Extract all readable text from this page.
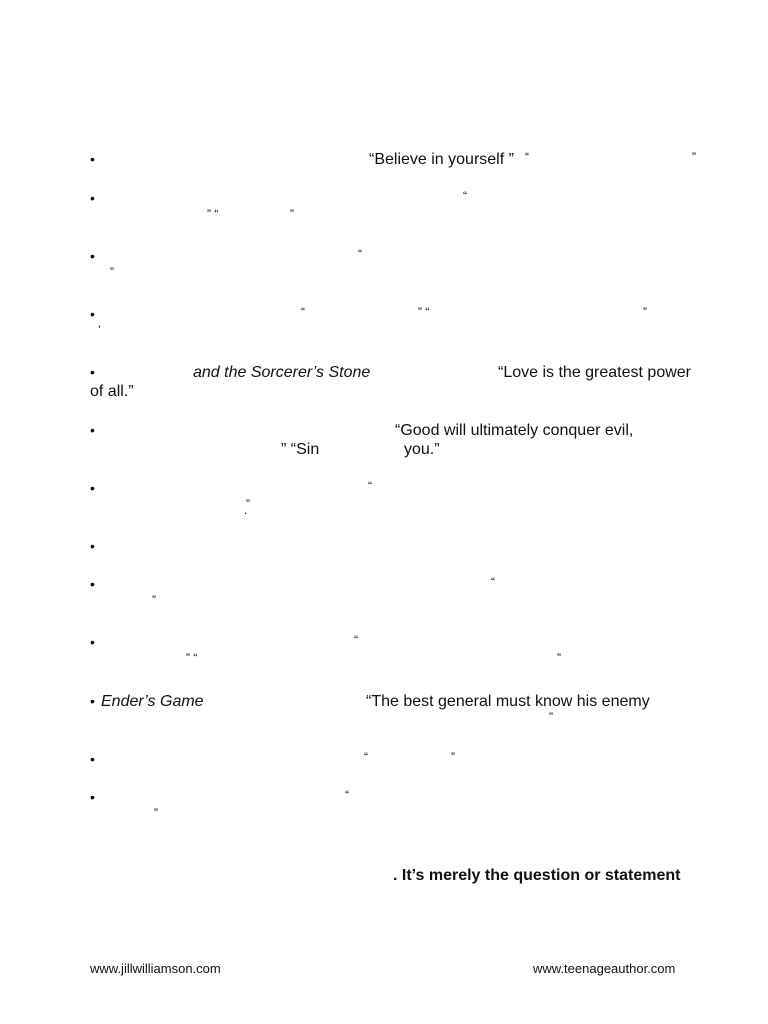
•
•
•
•
•
•
•
•
•
•
•
•
•
“Believe in yourself ” “	”
“
” “	”
“
”
“	” “	”
’
and the Sorcerer’s Stone	“Love is the greatest power
of all.”
“Good will ultimately conquer evil,
” “Sin	you.”
“
”
.
“
”
“
” “	”
Ender’s Game	“The best general must know his enemy
”
“	”
“
”
. It’s merely the question or statement
www.jillwilliamson.com	www.teenageauthor.com
